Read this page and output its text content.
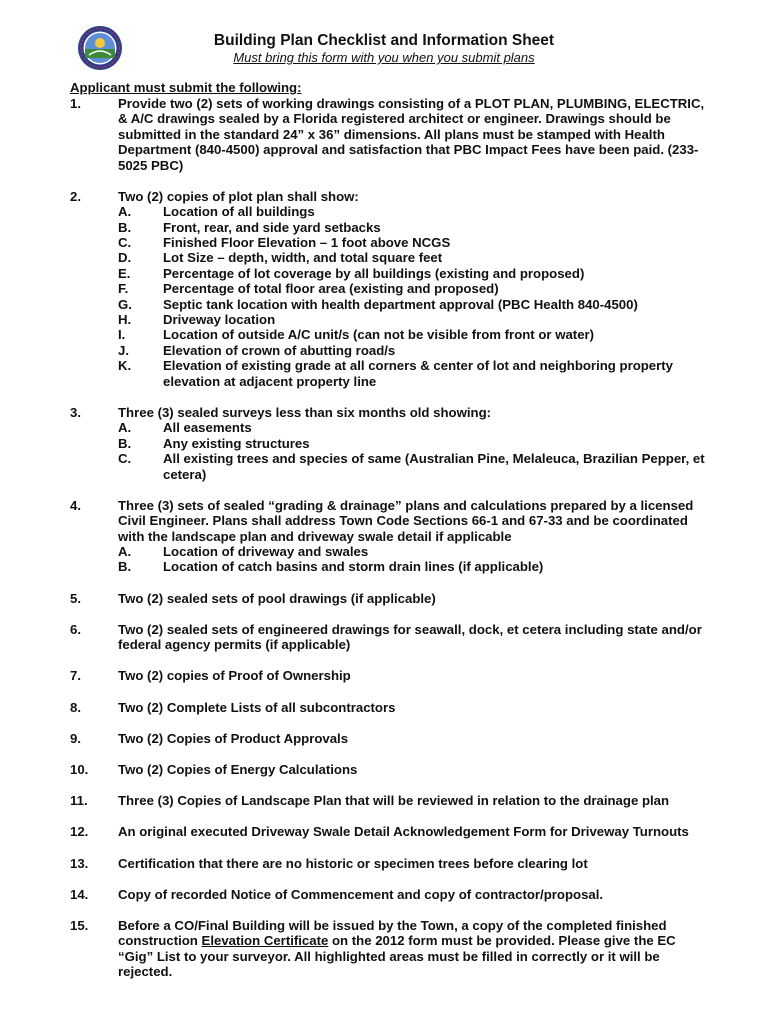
Building Plan Checklist and Information Sheet
Must bring this form with you when you submit plans
Applicant must submit the following:
1.	Provide two (2) sets of working drawings consisting of a PLOT PLAN, PLUMBING, ELECTRIC, & A/C drawings sealed by a Florida registered architect or engineer. Drawings should be submitted in the standard 24” x 36” dimensions. All plans must be stamped with Health Department (840-4500) approval and satisfaction that PBC Impact Fees have been paid. (233-5025 PBC)
2.	Two (2) copies of plot plan shall show:
A. Location of all buildings
B. Front, rear, and side yard setbacks
C. Finished Floor Elevation – 1 foot above NCGS
D. Lot Size – depth, width, and total square feet
E. Percentage of lot coverage by all buildings (existing and proposed)
F.	Percentage of total floor area (existing and proposed)
G. Septic tank location with health department approval (PBC Health 840-4500)
H. Driveway location
I.	Location of outside A/C unit/s (can not be visible from front or water)
J.	Elevation of crown of abutting road/s
K. Elevation of existing grade at all corners & center of lot and neighboring property elevation at adjacent property line
3.	Three (3) sealed surveys less than six months old showing:
A. All easements
B. Any existing structures
C. All existing trees and species of same (Australian Pine, Melaleuca, Brazilian Pepper, et cetera)
4.	Three (3) sets of sealed “grading & drainage” plans and calculations prepared by a licensed Civil Engineer. Plans shall address Town Code Sections 66-1 and 67-33 and be coordinated with the landscape plan and driveway swale detail if applicable
A. Location of driveway and swales
B. Location of catch basins and storm drain lines (if applicable)
5.	Two (2) sealed sets of pool drawings (if applicable)
6.	Two (2) sealed sets of engineered drawings for seawall, dock, et cetera including state and/or federal agency permits (if applicable)
7.	Two (2) copies of Proof of Ownership
8.	Two (2) Complete Lists of all subcontractors
9.	Two (2) Copies of Product Approvals
10. Two (2) Copies of Energy Calculations
11. Three (3) Copies of Landscape Plan that will be reviewed in relation to the drainage plan
12. An original executed Driveway Swale Detail Acknowledgement Form for Driveway Turnouts
13. Certification that there are no historic or specimen trees before clearing lot
14. Copy of recorded Notice of Commencement and copy of contractor/proposal.
15. Before a CO/Final Building will be issued by the Town, a copy of the completed finished construction Elevation Certificate on the 2012 form must be provided. Please give the EC “Gig” List to your surveyor. All highlighted areas must be filled in correctly or it will be rejected.
